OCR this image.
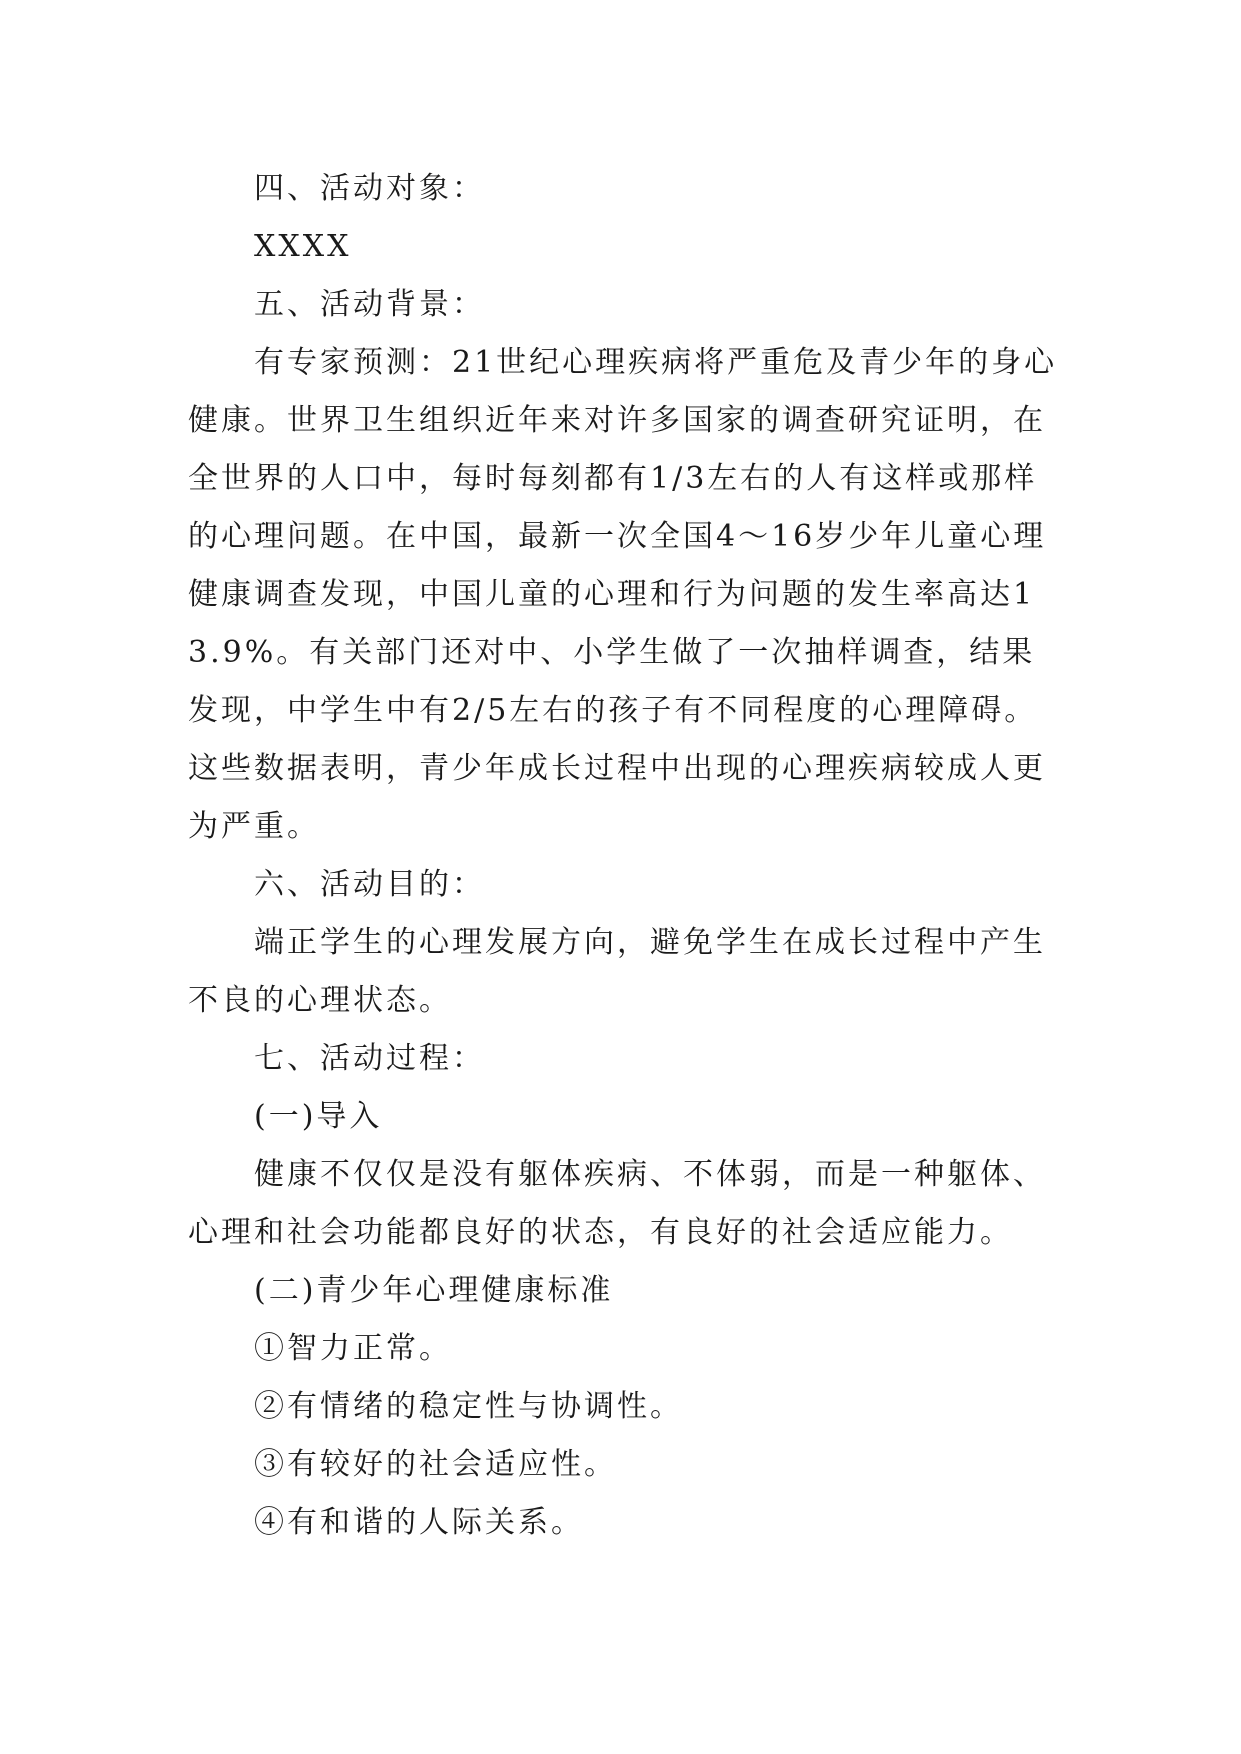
四、活动对象：

XXXX

五、活动背景：

有专家预测：21世纪心理疾病将严重危及青少年的身心健康。世界卫生组织近年来对许多国家的调查研究证明，在全世界的人口中，每时每刻都有1/3左右的人有这样或那样的心理问题。在中国，最新一次全国4～16岁少年儿童心理健康调查发现，中国儿童的心理和行为问题的发生率高达13.9%。有关部门还对中、小学生做了一次抽样调查，结果发现，中学生中有2/5左右的孩子有不同程度的心理障碍。这些数据表明，青少年成长过程中出现的心理疾病较成人更为严重。

六、活动目的：

端正学生的心理发展方向，避免学生在成长过程中产生不良的心理状态。

七、活动过程：

(一)导入

健康不仅仅是没有躯体疾病、不体弱，而是一种躯体、心理和社会功能都良好的状态，有良好的社会适应能力。

(二)青少年心理健康标准

①智力正常。

②有情绪的稳定性与协调性。

③有较好的社会适应性。

④有和谐的人际关系。
